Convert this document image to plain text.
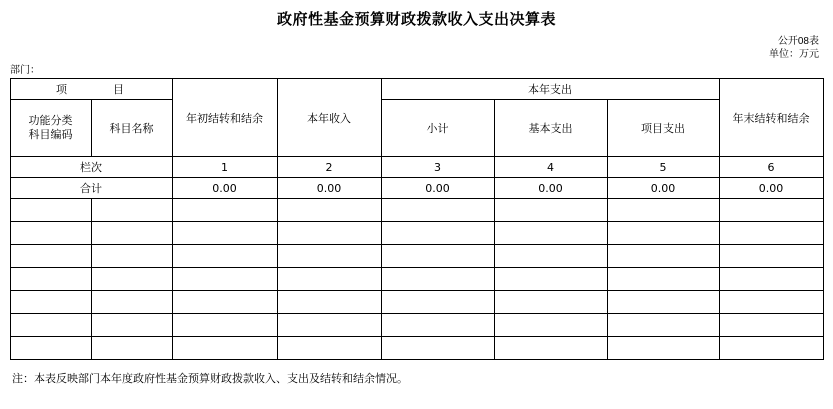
政府性基金预算财政拨款收入支出决算表
公开08表
单位：万元
部门：
项　　目		年初结转和结余	本年收入	本年支出			年末结转和结余

功能分类
科目编码	科目名称			小计	基本支出	项目支出	
栏次		1	2	3	4	5	6
合计		0.00	0.00	0.00	0.00	0.00	0.00

注：本表反映部门本年度政府性基金预算财政拨款收入、支出及结转和结余情况。
